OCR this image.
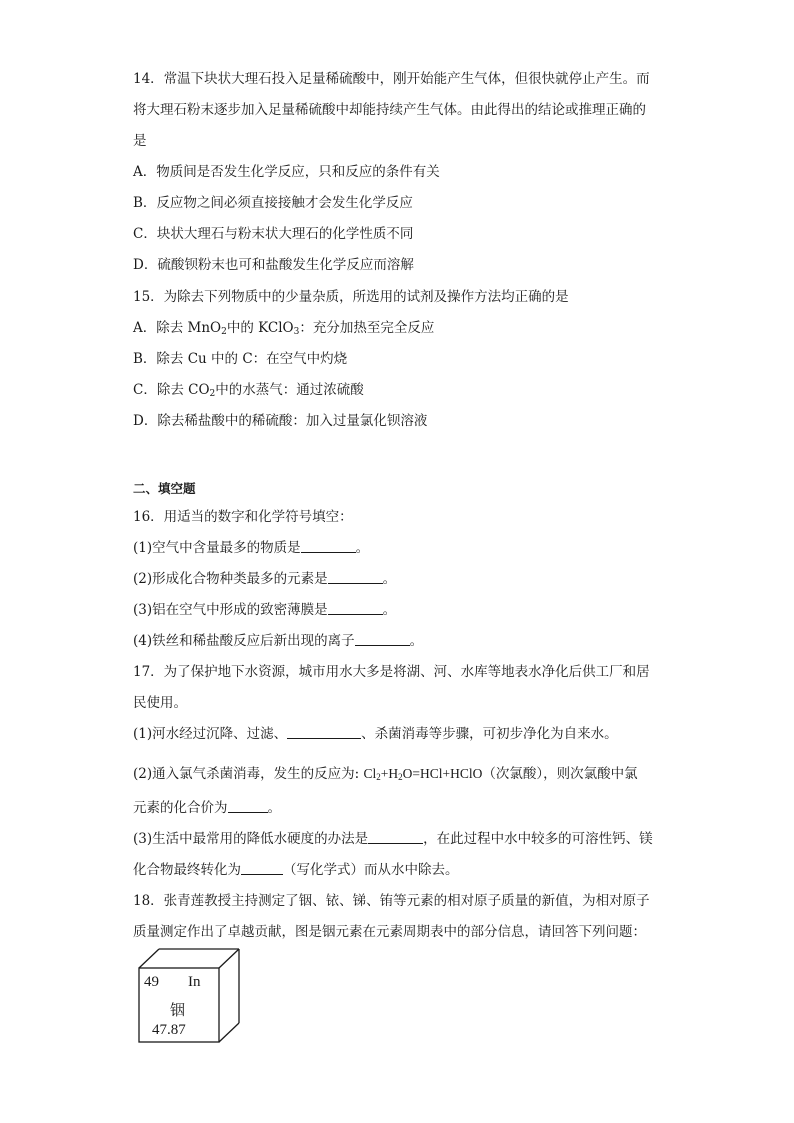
14．常温下块状大理石投入足量稀硫酸中，刚开始能产生气体，但很快就停止产生。而
将大理石粉末逐步加入足量稀硫酸中却能持续产生气体。由此得出的结论或推理正确的
是
A．物质间是否发生化学反应，只和反应的条件有关
B．反应物之间必须直接接触才会发生化学反应
C．块状大理石与粉末状大理石的化学性质不同
D．硫酸钡粉末也可和盐酸发生化学反应而溶解
15．为除去下列物质中的少量杂质，所选用的试剂及操作方法均正确的是
A．除去 MnO$_2$中的 KClO$_3$：充分加热至完全反应
B．除去 Cu 中的 C：在空气中灼烧
C．除去 $CO_2$中的水蒸气：通过浓硫酸
D．除去稀盐酸中的稀硫酸：加入过量氯化钡溶液
二、填空题
16．用适当的数字和化学符号填空：
(1)空气中含量最多的物质是	。
(2)形成化合物种类最多的元素是	。
(3)铝在空气中形成的致密薄膜是	。
(4)铁丝和稀盐酸反应后新出现的离子	。
17．为了保护地下水资源，城市用水大多是将湖、河、水库等地表水净化后供工厂和居
民使用。
(1)河水经过沉降、过滤、	、杀菌消毒等步骤，可初步净化为自来水。
(2)通入氯气杀菌消毒，发生的反应为: $Cl_2+H_2O=HCl+HClO$（次氯酸），则次氯酸中氯
元素的化合价为	。
(3)生活中最常用的降低水硬度的办法是	，在此过程中水中较多的可溶性钙、镁
化合物最终转化为	（写化学式）而从水中除去。
18．张青莲教授主持测定了铟、铱、锑、铕等元素的相对原子质量的新值，为相对原子
质量测定作出了卓越贡献，图是铟元素在元素周期表中的部分信息，请回答下列问题：
49 In
铟
47.87
